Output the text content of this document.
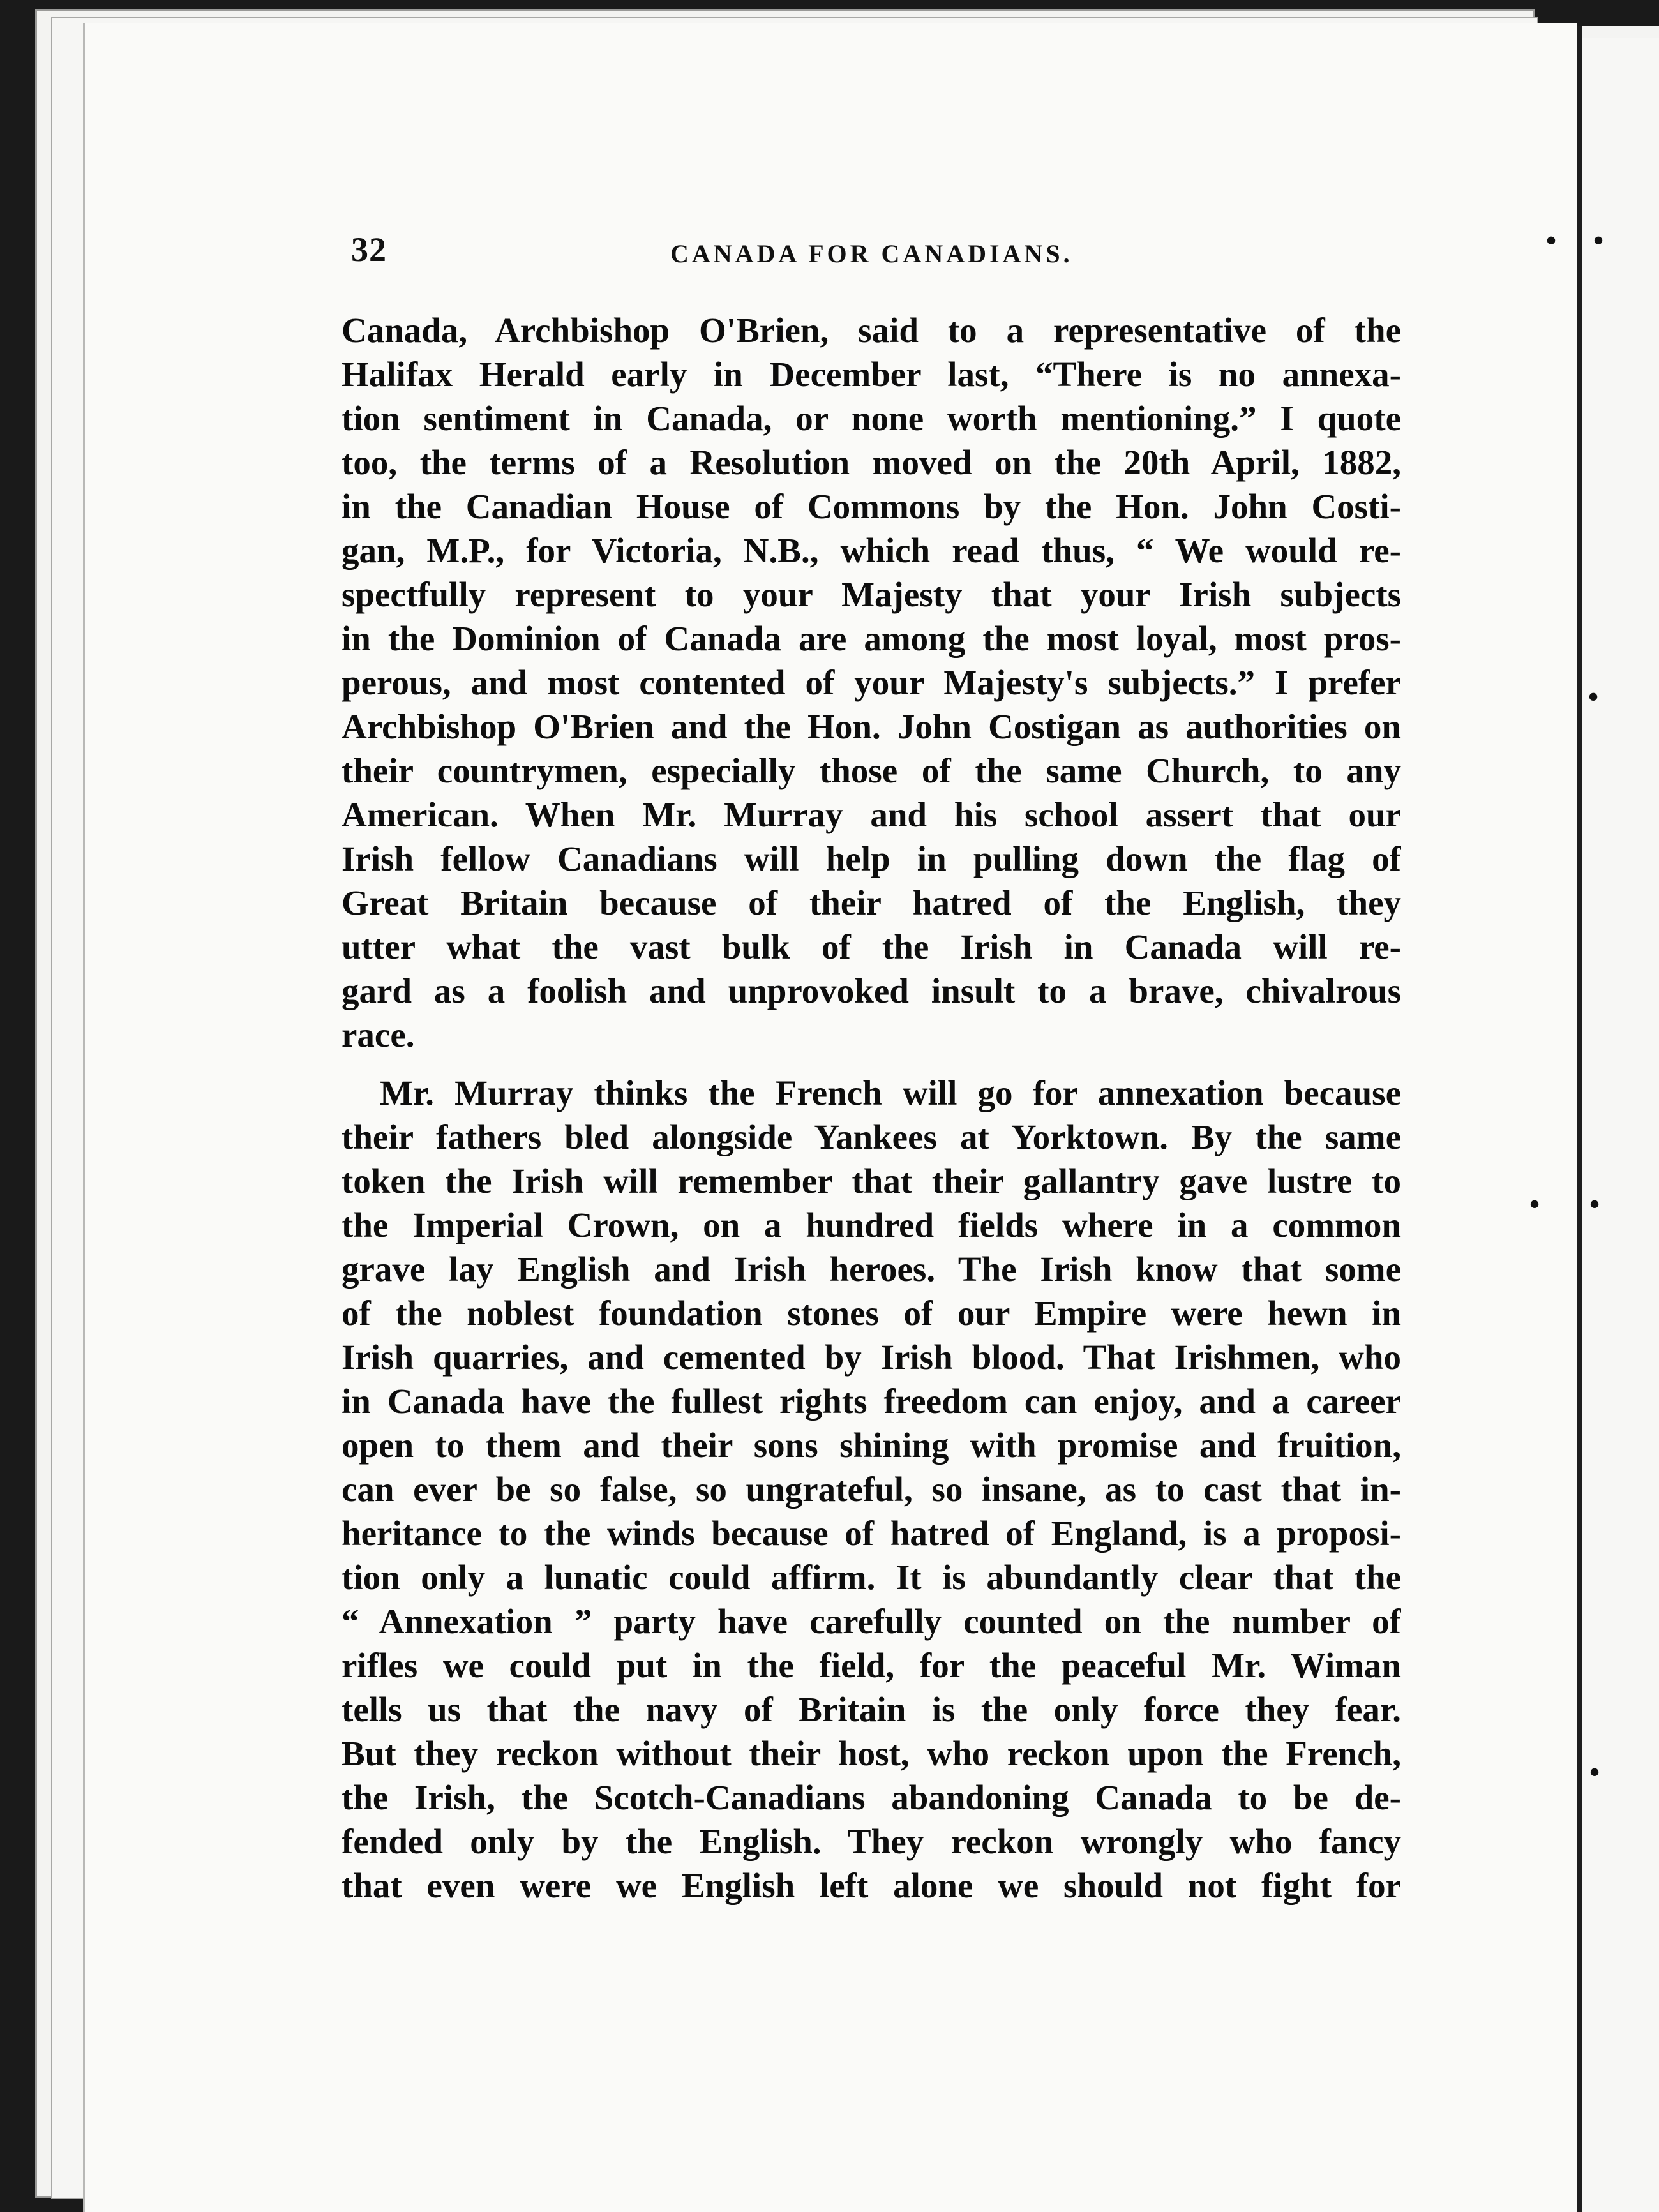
32	CANADA FOR CANADIANS.
Canada, Archbishop O'Brien, said to a representative of the
Halifax Herald early in December last, “There is no annexa-
tion sentiment in Canada, or none worth mentioning.” I quote
too, the terms of a Resolution moved on the 20th April, 1882,
in the Canadian House of Commons by the Hon. John Costi-
gan, M.P., for Victoria, N.B., which read thus, “ We would re-
spectfully represent to your Majesty that your Irish subjects
in the Dominion of Canada are among the most loyal, most pros-
perous, and most contented of your Majesty's subjects.” I prefer
Archbishop O'Brien and the Hon. John Costigan as authorities on
their countrymen, especially those of the same Church, to any
American. When Mr. Murray and his school assert that our
Irish fellow Canadians will help in pulling down the flag of
Great Britain because of their hatred of the English, they
utter what the vast bulk of the Irish in Canada will re-
gard as a foolish and unprovoked insult to a brave, chivalrous
race.
Mr. Murray thinks the French will go for annexation because
their fathers bled alongside Yankees at Yorktown. By the same
token the Irish will remember that their gallantry gave lustre to
the Imperial Crown, on a hundred fields where in a common
grave lay English and Irish heroes. The Irish know that some
of the noblest foundation stones of our Empire were hewn in
Irish quarries, and cemented by Irish blood. That Irishmen, who
in Canada have the fullest rights freedom can enjoy, and a career
open to them and their sons shining with promise and fruition,
can ever be so false, so ungrateful, so insane, as to cast that in-
heritance to the winds because of hatred of England, is a proposi-
tion only a lunatic could affirm. It is abundantly clear that the
“ Annexation ” party have carefully counted on the number of
rifles we could put in the field, for the peaceful Mr. Wiman
tells us that the navy of Britain is the only force they fear.
But they reckon without their host, who reckon upon the French,
the Irish, the Scotch-Canadians abandoning Canada to be de-
fended only by the English. They reckon wrongly who fancy
that even were we English left alone we should not fight for
• •
•
• •
•
